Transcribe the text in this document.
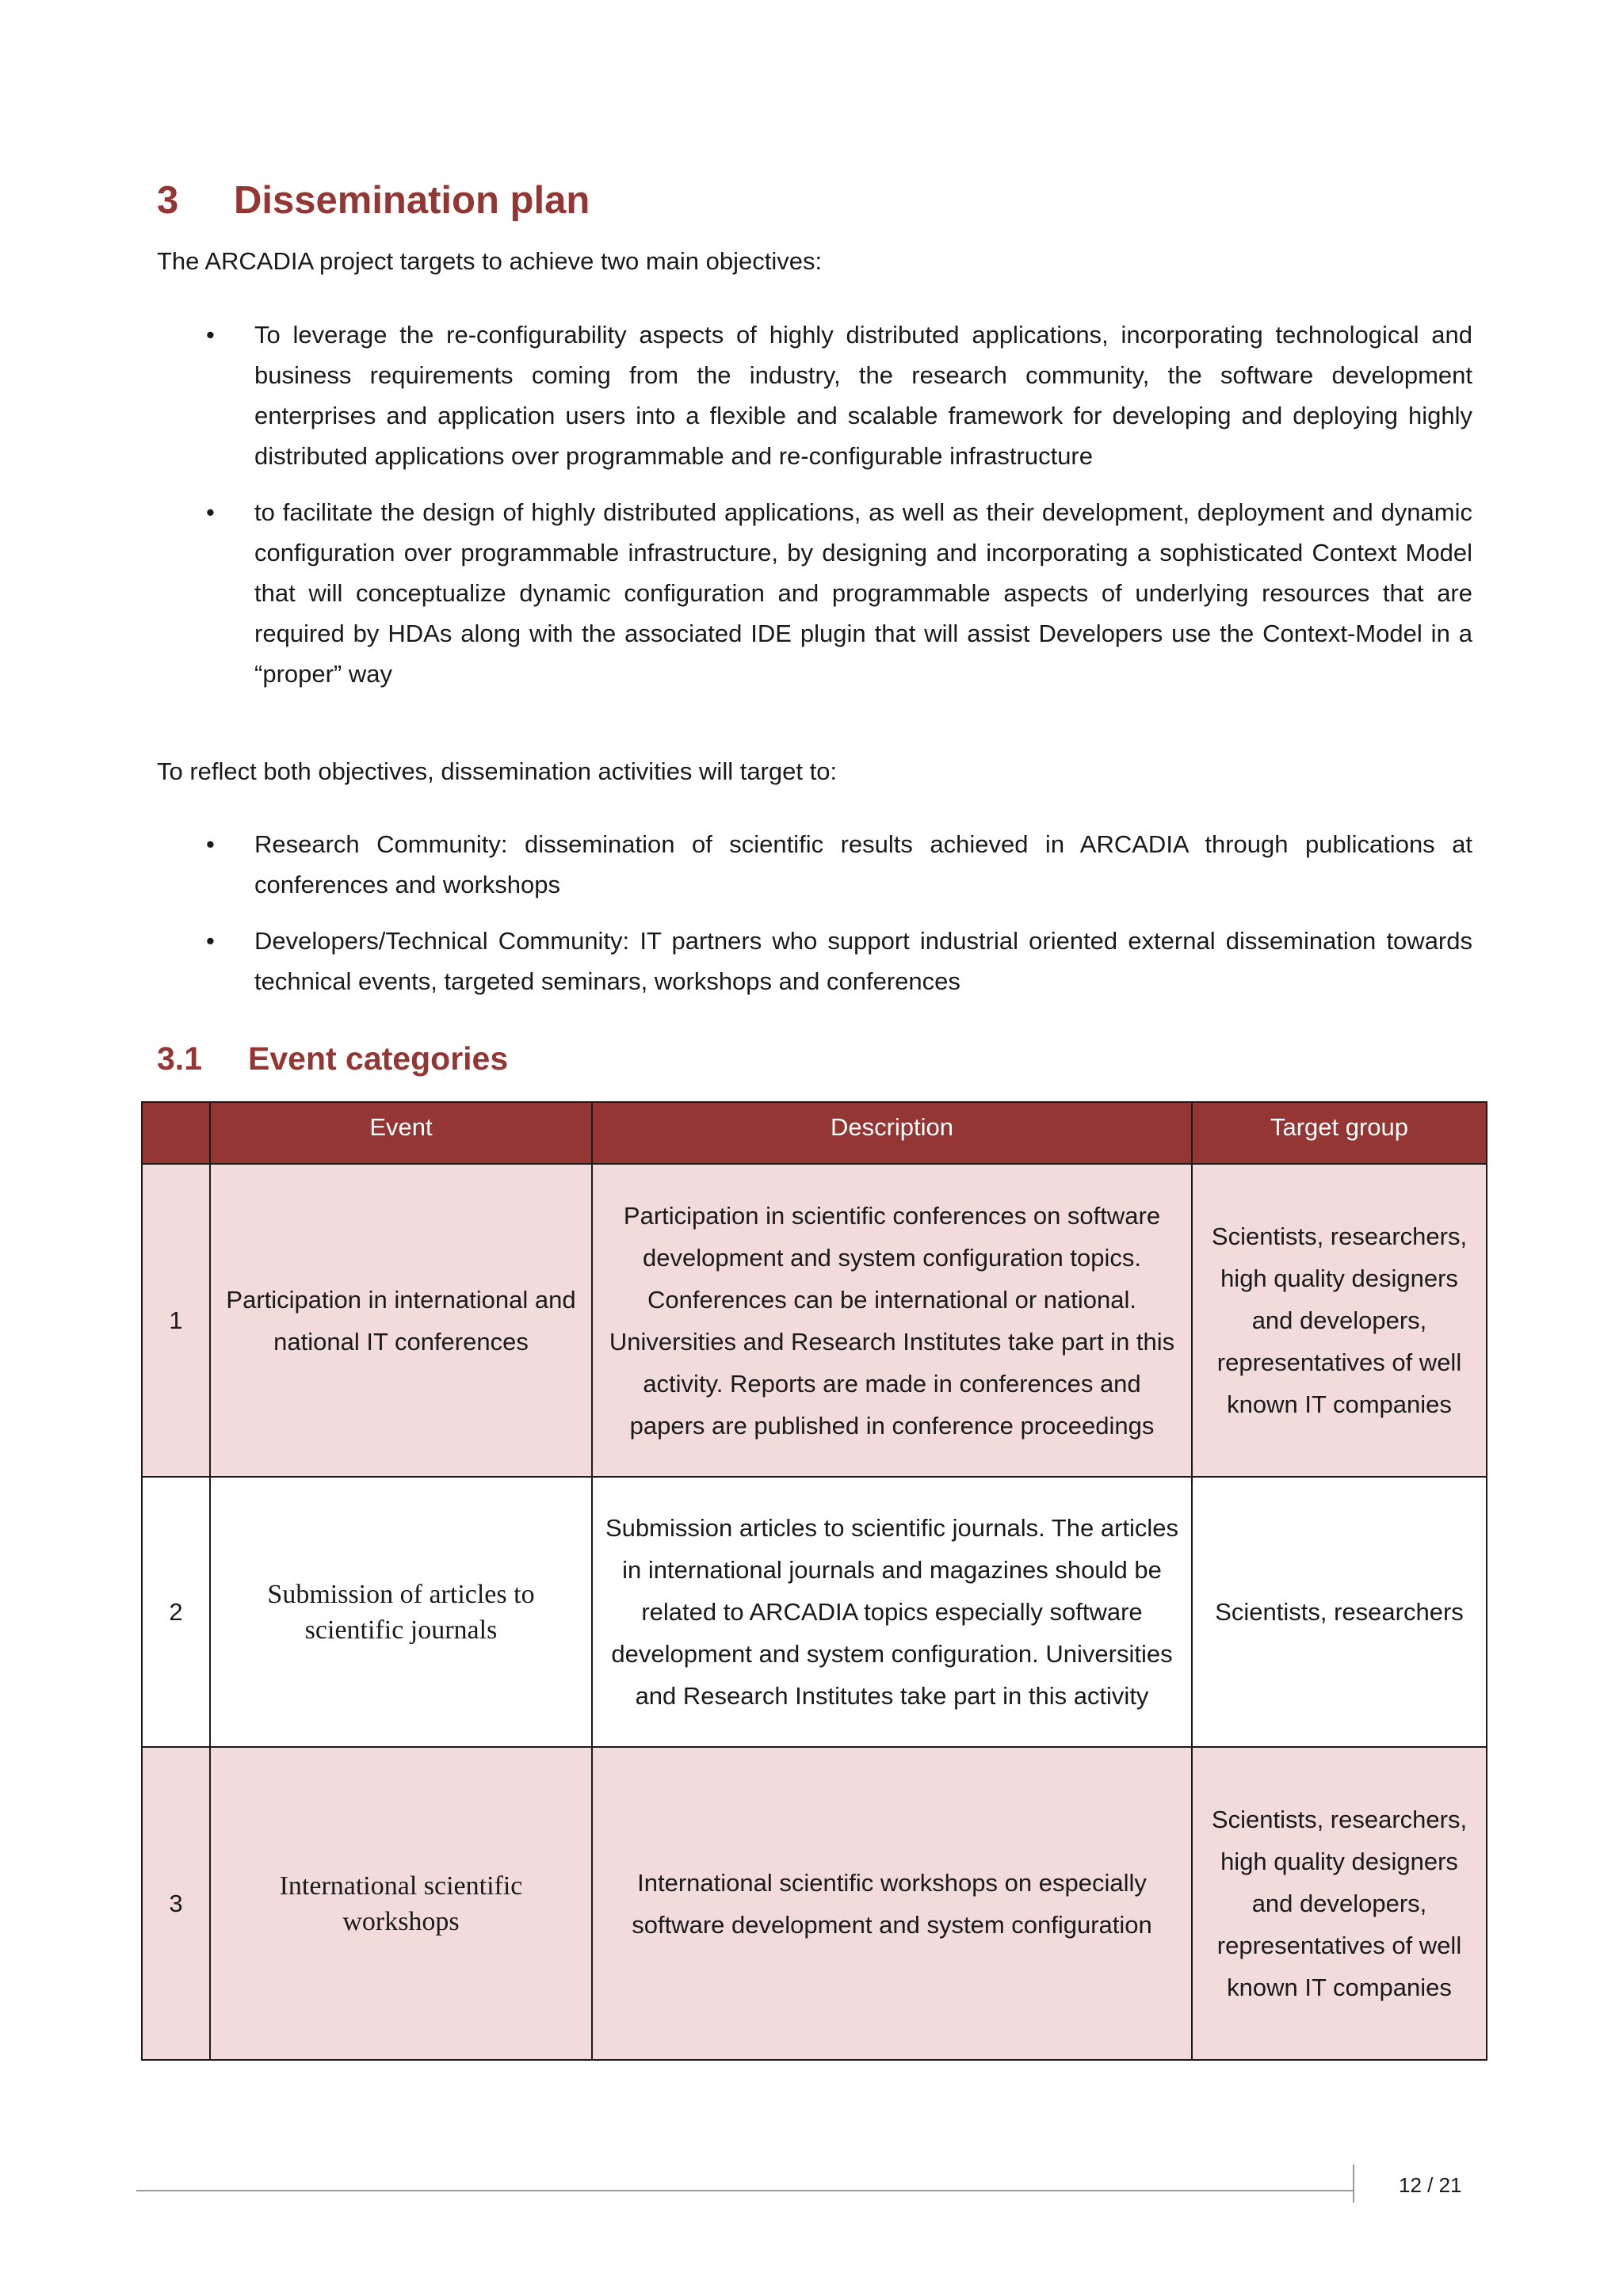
3 Dissemination plan

The ARCADIA project targets to achieve two main objectives:

• To leverage the re-configurability aspects of highly distributed applications, incorporating technological and business requirements coming from the industry, the research community, the software development enterprises and application users into a flexible and scalable framework for developing and deploying highly distributed applications over programmable and re-configurable infrastructure
• to facilitate the design of highly distributed applications, as well as their development, deployment and dynamic configuration over programmable infrastructure, by designing and incorporating a sophisticated Context Model that will conceptualize dynamic configuration and programmable aspects of underlying resources that are required by HDAs along with the associated IDE plugin that will assist Developers use the Context-Model in a “proper” way

To reflect both objectives, dissemination activities will target to:

• Research Community: dissemination of scientific results achieved in ARCADIA through publications at conferences and workshops
• Developers/Technical Community: IT partners who support industrial oriented external dissemination towards technical events, targeted seminars, workshops and conferences
3.1 Event categories
	Event	Description	Target group
1	Participation in international and national IT conferences	Participation in scientific conferences on software development and system configuration topics. Conferences can be international or national. Universities and Research Institutes take part in this activity. Reports are made in conferences and papers are published in conference proceedings	Scientists, researchers, high quality designers and developers, representatives of well known IT companies
2	Submission of articles to scientific journals	Submission articles to scientific journals. The articles in international journals and magazines should be related to ARCADIA topics especially software development and system configuration. Universities and Research Institutes take part in this activity	Scientists, researchers
3	International scientific workshops	International scientific workshops on especially software development and system configuration	Scientists, researchers, high quality designers and developers, representatives of well known IT companies
12 / 21
